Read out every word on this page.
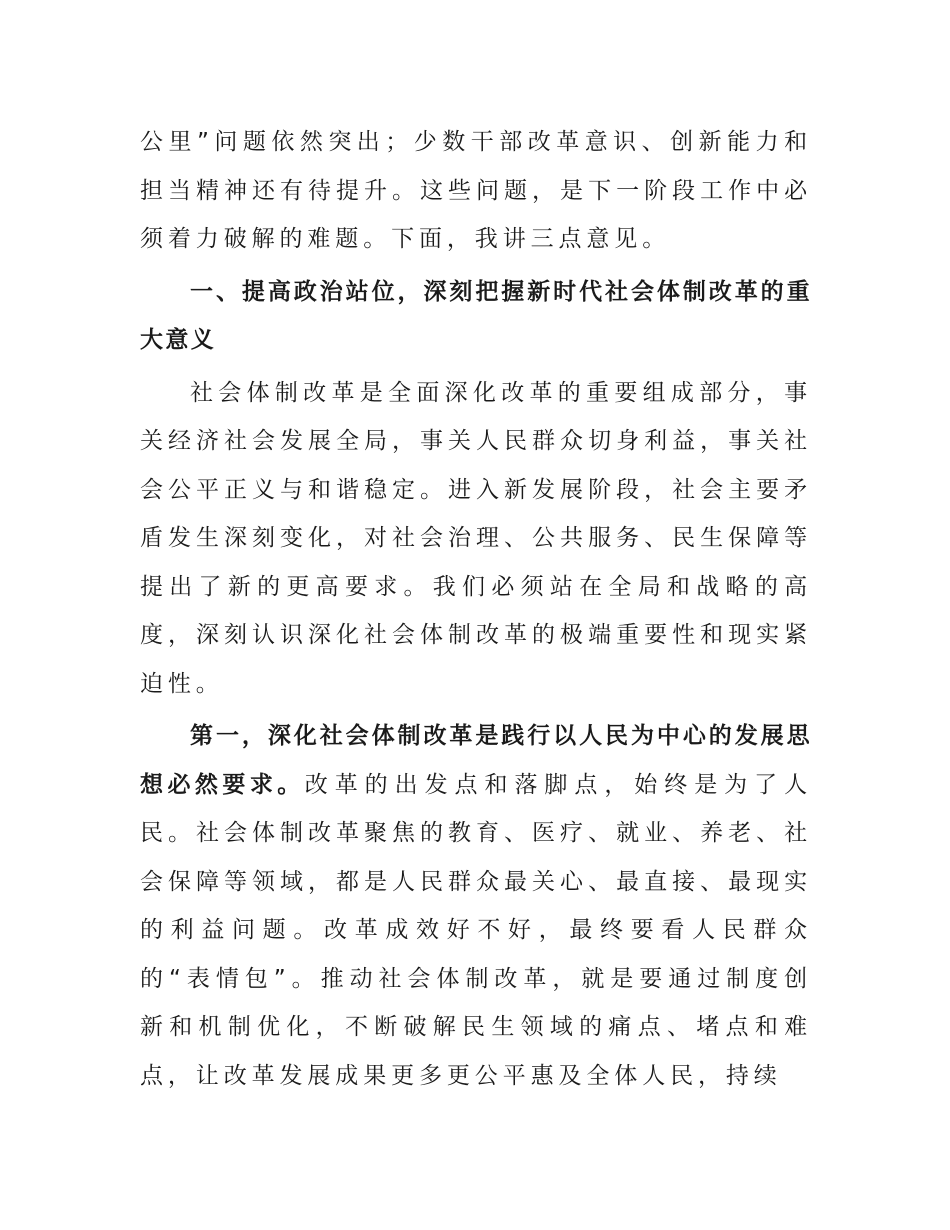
公里”问题依然突出；少数干部改革意识、创新能力和担当精神还有待提升。这些问题，是下一阶段工作中必须着力破解的难题。下面，我讲三点意见。

一、提高政治站位，深刻把握新时代社会体制改革的重大意义

社会体制改革是全面深化改革的重要组成部分，事关经济社会发展全局，事关人民群众切身利益，事关社会公平正义与和谐稳定。进入新发展阶段，社会主要矛盾发生深刻变化，对社会治理、公共服务、民生保障等提出了新的更高要求。我们必须站在全局和战略的高度，深刻认识深化社会体制改革的极端重要性和现实紧迫性。

第一，深化社会体制改革是践行以人民为中心的发展思想必然要求。改革的出发点和落脚点，始终是为了人民。社会体制改革聚焦的教育、医疗、就业、养老、社会保障等领域，都是人民群众最关心、最直接、最现实的利益问题。改革成效好不好，最终要看人民群众的“表情包”。推动社会体制改革，就是要通过制度创新和机制优化，不断破解民生领域的痛点、堵点和难点，让改革发展成果更多更公平惠及全体人民，持续
